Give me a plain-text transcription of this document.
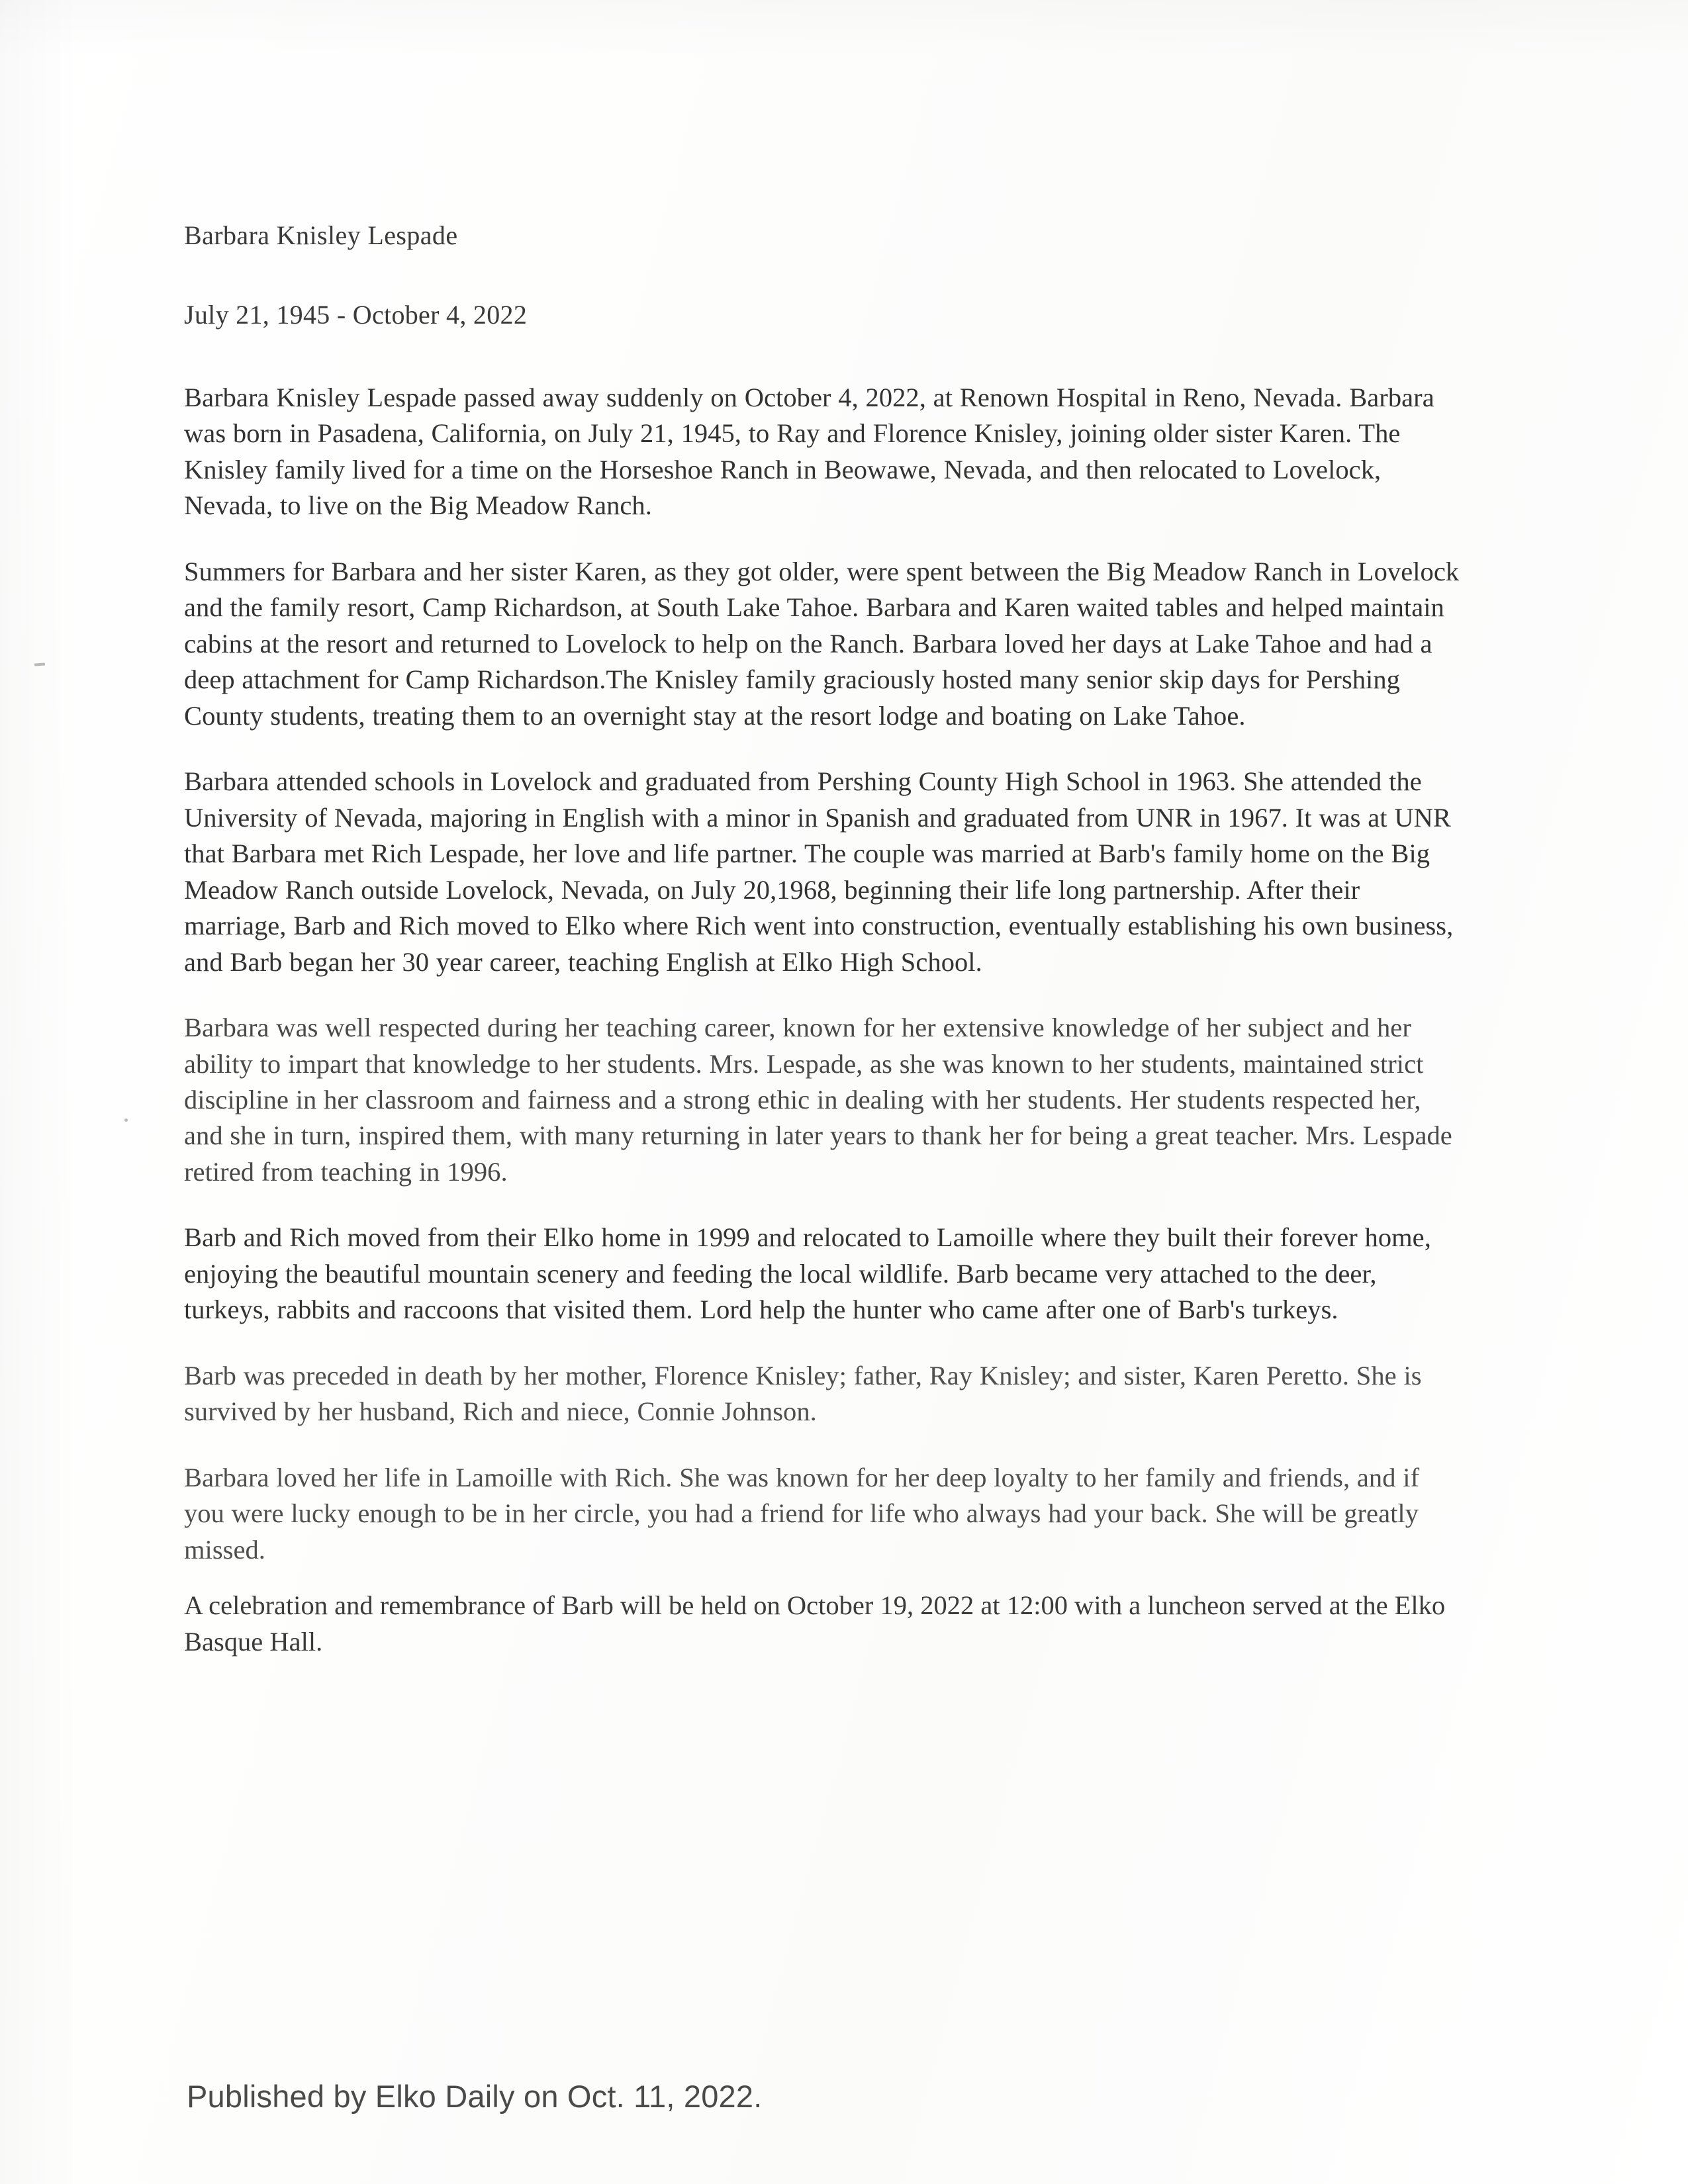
Barbara Knisley Lespade

July 21, 1945 - October 4, 2022

Barbara Knisley Lespade passed away suddenly on October 4, 2022, at Renown Hospital in Reno, Nevada. Barbara was born in Pasadena, California, on July 21, 1945, to Ray and Florence Knisley, joining older sister Karen. The Knisley family lived for a time on the Horseshoe Ranch in Beowawe, Nevada, and then relocated to Lovelock, Nevada, to live on the Big Meadow Ranch.

Summers for Barbara and her sister Karen, as they got older, were spent between the Big Meadow Ranch in Lovelock and the family resort, Camp Richardson, at South Lake Tahoe. Barbara and Karen waited tables and helped maintain cabins at the resort and returned to Lovelock to help on the Ranch. Barbara loved her days at Lake Tahoe and had a deep attachment for Camp Richardson.The Knisley family graciously hosted many senior skip days for Pershing County students, treating them to an overnight stay at the resort lodge and boating on Lake Tahoe.

Barbara attended schools in Lovelock and graduated from Pershing County High School in 1963. She attended the University of Nevada, majoring in English with a minor in Spanish and graduated from UNR in 1967. It was at UNR that Barbara met Rich Lespade, her love and life partner. The couple was married at Barb's family home on the Big Meadow Ranch outside Lovelock, Nevada, on July 20,1968, beginning their life long partnership. After their marriage, Barb and Rich moved to Elko where Rich went into construction, eventually establishing his own business, and Barb began her 30 year career, teaching English at Elko High School.

Barbara was well respected during her teaching career, known for her extensive knowledge of her subject and her ability to impart that knowledge to her students. Mrs. Lespade, as she was known to her students, maintained strict discipline in her classroom and fairness and a strong ethic in dealing with her students. Her students respected her, and she in turn, inspired them, with many returning in later years to thank her for being a great teacher. Mrs. Lespade retired from teaching in 1996.

Barb and Rich moved from their Elko home in 1999 and relocated to Lamoille where they built their forever home, enjoying the beautiful mountain scenery and feeding the local wildlife. Barb became very attached to the deer, turkeys, rabbits and raccoons that visited them. Lord help the hunter who came after one of Barb's turkeys.

Barb was preceded in death by her mother, Florence Knisley; father, Ray Knisley; and sister, Karen Peretto. She is survived by her husband, Rich and niece, Connie Johnson.

Barbara loved her life in Lamoille with Rich. She was known for her deep loyalty to her family and friends, and if you were lucky enough to be in her circle, you had a friend for life who always had your back. She will be greatly missed.

A celebration and remembrance of Barb will be held on October 19, 2022 at 12:00 with a luncheon served at the Elko Basque Hall.

Published by Elko Daily on Oct. 11, 2022.
